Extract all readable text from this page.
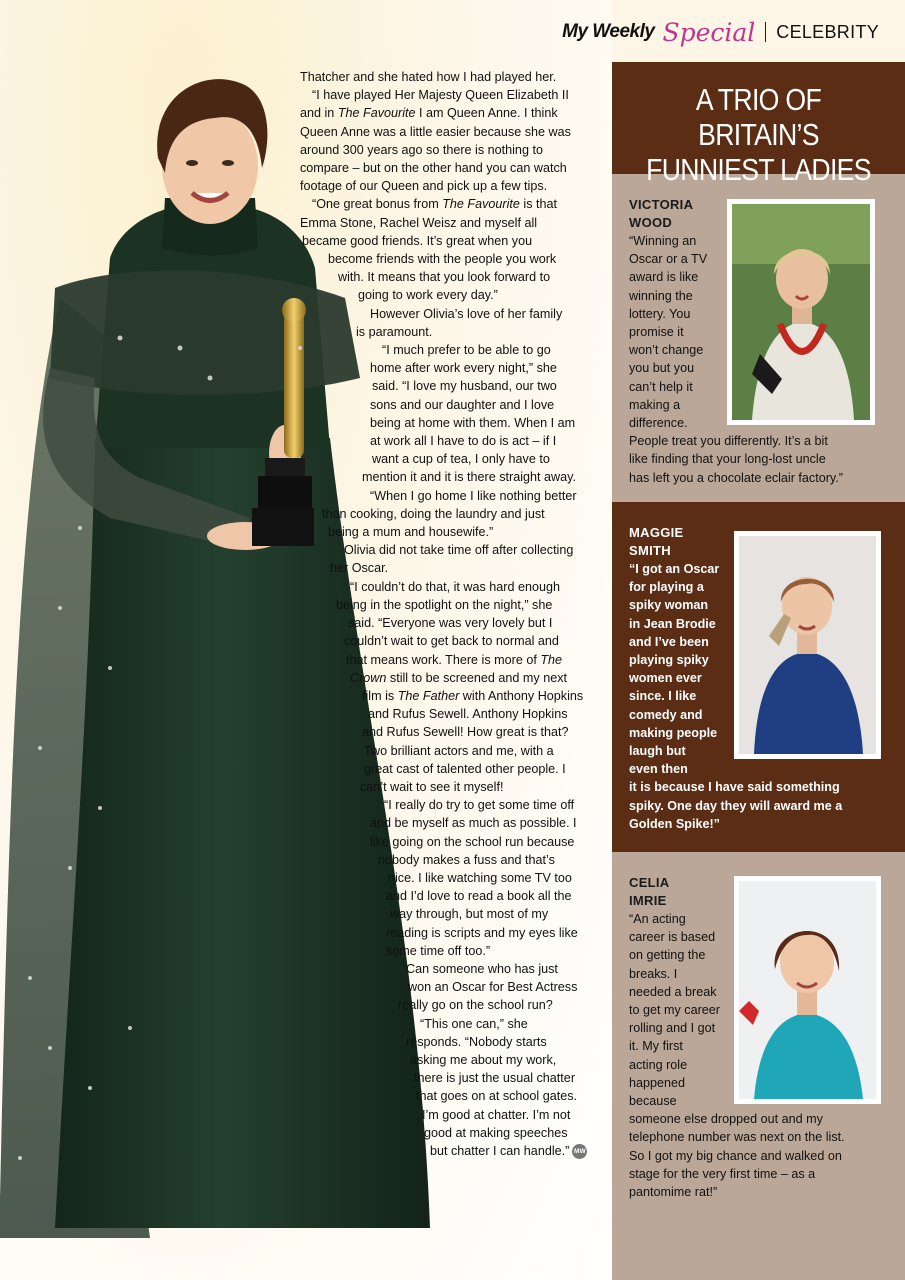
My Weekly Special CELEBRITY
Thatcher and she hated how I had played her.
“I have played Her Majesty Queen Elizabeth II
and in The Favourite I am Queen Anne. I think
Queen Anne was a little easier because she was
around 300 years ago so there is nothing to
compare – but on the other hand you can watch
footage of our Queen and pick up a few tips.
“One great bonus from The Favourite is that
Emma Stone, Rachel Weisz and myself all
became good friends. It’s great when you
become friends with the people you work
with. It means that you look forward to
going to work every day.”
However Olivia’s love of her family
is paramount.
“I much prefer to be able to go
home after work every night,” she
said. “I love my husband, our two
sons and our daughter and I love
being at home with them. When I am
at work all I have to do is act – if I
want a cup of tea, I only have to
mention it and it is there straight away.
“When I go home I like nothing better
than cooking, doing the laundry and just
being a mum and housewife.”
Olivia did not take time off after collecting
her Oscar.
“I couldn’t do that, it was hard enough
being in the spotlight on the night,” she
said. “Everyone was very lovely but I
couldn’t wait to get back to normal and
that means work. There is more of The
Crown still to be screened and my next
film is The Father with Anthony Hopkins
and Rufus Sewell. Anthony Hopkins
and Rufus Sewell! How great is that?
Two brilliant actors and me, with a
great cast of talented other people. I
can’t wait to see it myself!
“I really do try to get some time off
and be myself as much as possible. I
like going on the school run because
nobody makes a fuss and that’s
nice. I like watching some TV too
and I’d love to read a book all the
way through, but most of my
reading is scripts and my eyes like
some time off too.”
Can someone who has just
won an Oscar for Best Actress
really go on the school run?
“This one can,” she
responds. “Nobody starts
asking me about my work,
there is just the usual chatter
that goes on at school gates.
I’m good at chatter. I’m not
good at making speeches
but chatter I can handle.” MW
A TRIO OF BRITAIN’S
FUNNIEST LADIES
VICTORIA
WOOD
“Winning an
Oscar or a TV
award is like
winning the
lottery. You
promise it
won’t change
you but you
can’t help it
making a
difference.
People treat you differently. It’s a bit
like finding that your long-lost uncle
has left you a chocolate eclair factory.”
MAGGIE
SMITH
“I got an Oscar
for playing a
spiky woman
in Jean Brodie
and I’ve been
playing spiky
women ever
since. I like
comedy and
making people
laugh but
even then
it is because I have said something
spiky. One day they will award me a
Golden Spike!”
CELIA
IMRIE
“An acting
career is based
on getting the
breaks. I
needed a break
to get my career
rolling and I got
it. My first
acting role
happened
because
someone else dropped out and my
telephone number was next on the list.
So I got my big chance and walked on
stage for the very first time – as a
pantomime rat!”
